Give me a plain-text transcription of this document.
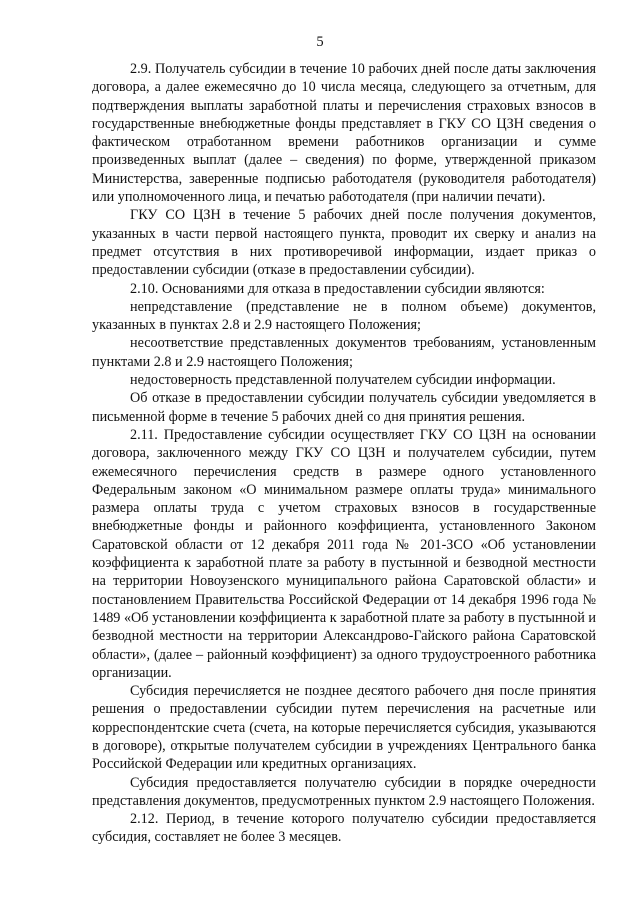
5

2.9. Получатель субсидии в течение 10 рабочих дней после даты заключения договора, а далее ежемесячно до 10 числа месяца, следующего за отчетным, для подтверждения выплаты заработной платы и перечисления страховых взносов в государственные внебюджетные фонды представляет в ГКУ СО ЦЗН сведения о фактическом отработанном времени работников организации и сумме произведенных выплат (далее – сведения) по форме, утвержденной приказом Министерства, заверенные подписью работодателя (руководителя работодателя) или уполномоченного лица, и печатью работодателя (при наличии печати).

ГКУ СО ЦЗН в течение 5 рабочих дней после получения документов, указанных в части первой настоящего пункта, проводит их сверку и анализ на предмет отсутствия в них противоречивой информации, издает приказ о предоставлении субсидии (отказе в предоставлении субсидии).

2.10. Основаниями для отказа в предоставлении субсидии являются:

непредставление (представление не в полном объеме) документов, указанных в пунктах 2.8 и 2.9 настоящего Положения;

несоответствие представленных документов требованиям, установленным пунктами 2.8 и 2.9 настоящего Положения;

недостоверность представленной получателем субсидии информации.

Об отказе в предоставлении субсидии получатель субсидии уведомляется в письменной форме в течение 5 рабочих дней со дня принятия решения.

2.11. Предоставление субсидии осуществляет ГКУ СО ЦЗН на основании договора, заключенного между ГКУ СО ЦЗН и получателем субсидии, путем ежемесячного перечисления средств в размере одного установленного Федеральным законом «О минимальном размере оплаты труда» минимального размера оплаты труда с учетом страховых взносов в государственные внебюджетные фонды и районного коэффициента, установленного Законом Саратовской области от 12 декабря 2011 года № 201-ЗСО «Об установлении коэффициента к заработной плате за работу в пустынной и безводной местности на территории Новоузенского муниципального района Саратовской области» и постановлением Правительства Российской Федерации от 14 декабря 1996 года № 1489 «Об установлении коэффициента к заработной плате за работу в пустынной и безводной местности на территории Александрово-Гайского района Саратовской области», (далее – районный коэффициент) за одного трудоустроенного работника организации.

Субсидия перечисляется не позднее десятого рабочего дня после принятия решения о предоставлении субсидии путем перечисления на расчетные или корреспондентские счета (счета, на которые перечисляется субсидия, указываются в договоре), открытые получателем субсидии в учреждениях Центрального банка Российской Федерации или кредитных организациях.

Субсидия предоставляется получателю субсидии в порядке очередности представления документов, предусмотренных пунктом 2.9 настоящего Положения.

2.12. Период, в течение которого получателю субсидии предоставляется субсидия, составляет не более 3 месяцев.
